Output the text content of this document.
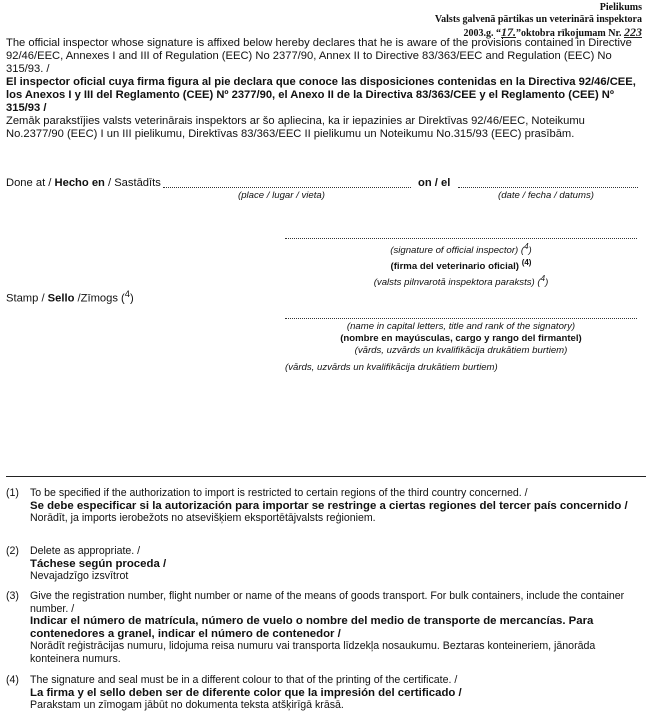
Pielikums
Valsts galvenā pārtikas un veterinārā inspektora
2003.g. “17.”oktobra rīkojumam Nr. 223
The official inspector whose signature is affixed below hereby declares that he is aware of the provisions contained in Directive 92/46/EEC, Annexes I and III of Regulation (EEC) No 2377/90, Annex II to Directive 83/363/EEC and Regulation (EEC) No 315/93. /
El inspector oficial cuya firma figura al pie declara que conoce las disposiciones contenidas en la Directiva 92/46/CEE, los Anexos I y III del Reglamento (CEE) Nº 2377/90, el Anexo II de la Directiva 83/363/CEE y el Reglamento (CEE) Nº 315/93 /
Zemāk parakstījies valsts veterinārais inspektors ar šo apliecina, ka ir iepazinies ar Direktīvas 92/46/EEC, Noteikumu No.2377/90 (EEC) I un III pielikumu, Direktīvas 83/363/EEC II pielikumu un Noteikumu No.315/93 (EEC) prasībām.
Done at / Hecho en / Sastādīts	on / el
(place / lugar / vieta)	(date / fecha / datums)
(signature of official inspector) ($^4$)
(firma del veterinario oficial) $^{(4)}$
(valsts pilnvarotā inspektora paraksts) ($^4$)
Stamp / Sello /Zīmogs ($^4$)
(name in capital letters, title and rank of the signatory)
(nombre en mayúsculas, cargo y rango del firmantel)
(vārds, uzvārds un kvalifikācija drukātiem burtiem)
(vārds, uzvārds un kvalifikācija drukātiem burtiem)
(1) To be specified if the authorization to import is restricted to certain regions of the third country concerned. /
Se debe especificar si la autorización para importar se restringe a ciertas regiones del tercer país concernido /
Norādīt, ja imports ierobežots no atsevišķiem eksportētājvalsts reģioniem.
(2) Delete as appropriate. /
Táchese según proceda /
Nevajadzīgo izsvītrot
(3) Give the registration number, flight number or name of the means of goods transport. For bulk containers, include the container number. /
Indicar el número de matrícula, número de vuelo o nombre del medio de transporte de mercancías. Para contenedores a granel, indicar el número de contenedor /
Norādīt reģistrācijas numuru, lidojuma reisa numuru vai transporta līdzekļa nosaukumu. Beztaras konteineriem, jānorāda konteinera numurs.
(4) The signature and seal must be in a different colour to that of the printing of the certificate. /
La firma y el sello deben ser de diferente color que la impresión del certificado /
Parakstam un zīmogam jābūt no dokumenta teksta atšķirīgā krāsā.
